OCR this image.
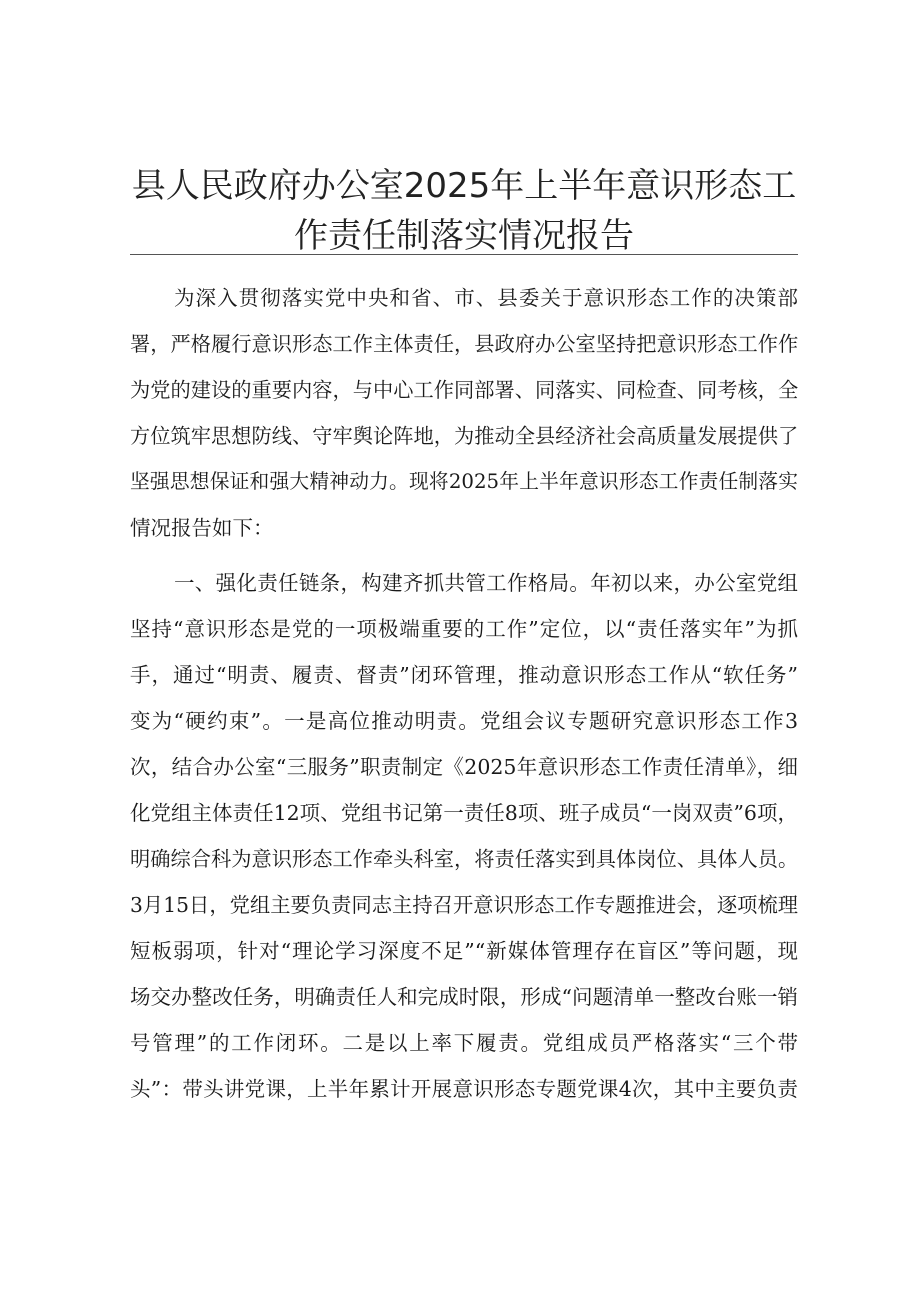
县人民政府办公室2025年上半年意识形态工
作责任制落实情况报告
为深入贯彻落实党中央和省、市、县委关于意识形态工作的决策部
署，严格履行意识形态工作主体责任，县政府办公室坚持把意识形态工作作
为党的建设的重要内容，与中心工作同部署、同落实、同检查、同考核，全
方位筑牢思想防线、守牢舆论阵地，为推动全县经济社会高质量发展提供了
坚强思想保证和强大精神动力。现将2025年上半年意识形态工作责任制落实
情况报告如下：
一、强化责任链条，构建齐抓共管工作格局。年初以来，办公室党组
坚持“意识形态是党的一项极端重要的工作”定位，以“责任落实年”为抓
手，通过“明责、履责、督责”闭环管理，推动意识形态工作从“软任务”
变为“硬约束”。一是高位推动明责。党组会议专题研究意识形态工作3
次，结合办公室“三服务”职责制定《2025年意识形态工作责任清单》，细
化党组主体责任12项、党组书记第一责任8项、班子成员“一岗双责”6项，
明确综合科为意识形态工作牵头科室，将责任落实到具体岗位、具体人员。
3月15日，党组主要负责同志主持召开意识形态工作专题推进会，逐项梳理
短板弱项，针对“理论学习深度不足”“新媒体管理存在盲区”等问题，现
场交办整改任务，明确责任人和完成时限，形成“问题清单一整改台账一销
号管理”的工作闭环。二是以上率下履责。党组成员严格落实“三个带
头”：带头讲党课，上半年累计开展意识形态专题党课4次，其中主要负责
